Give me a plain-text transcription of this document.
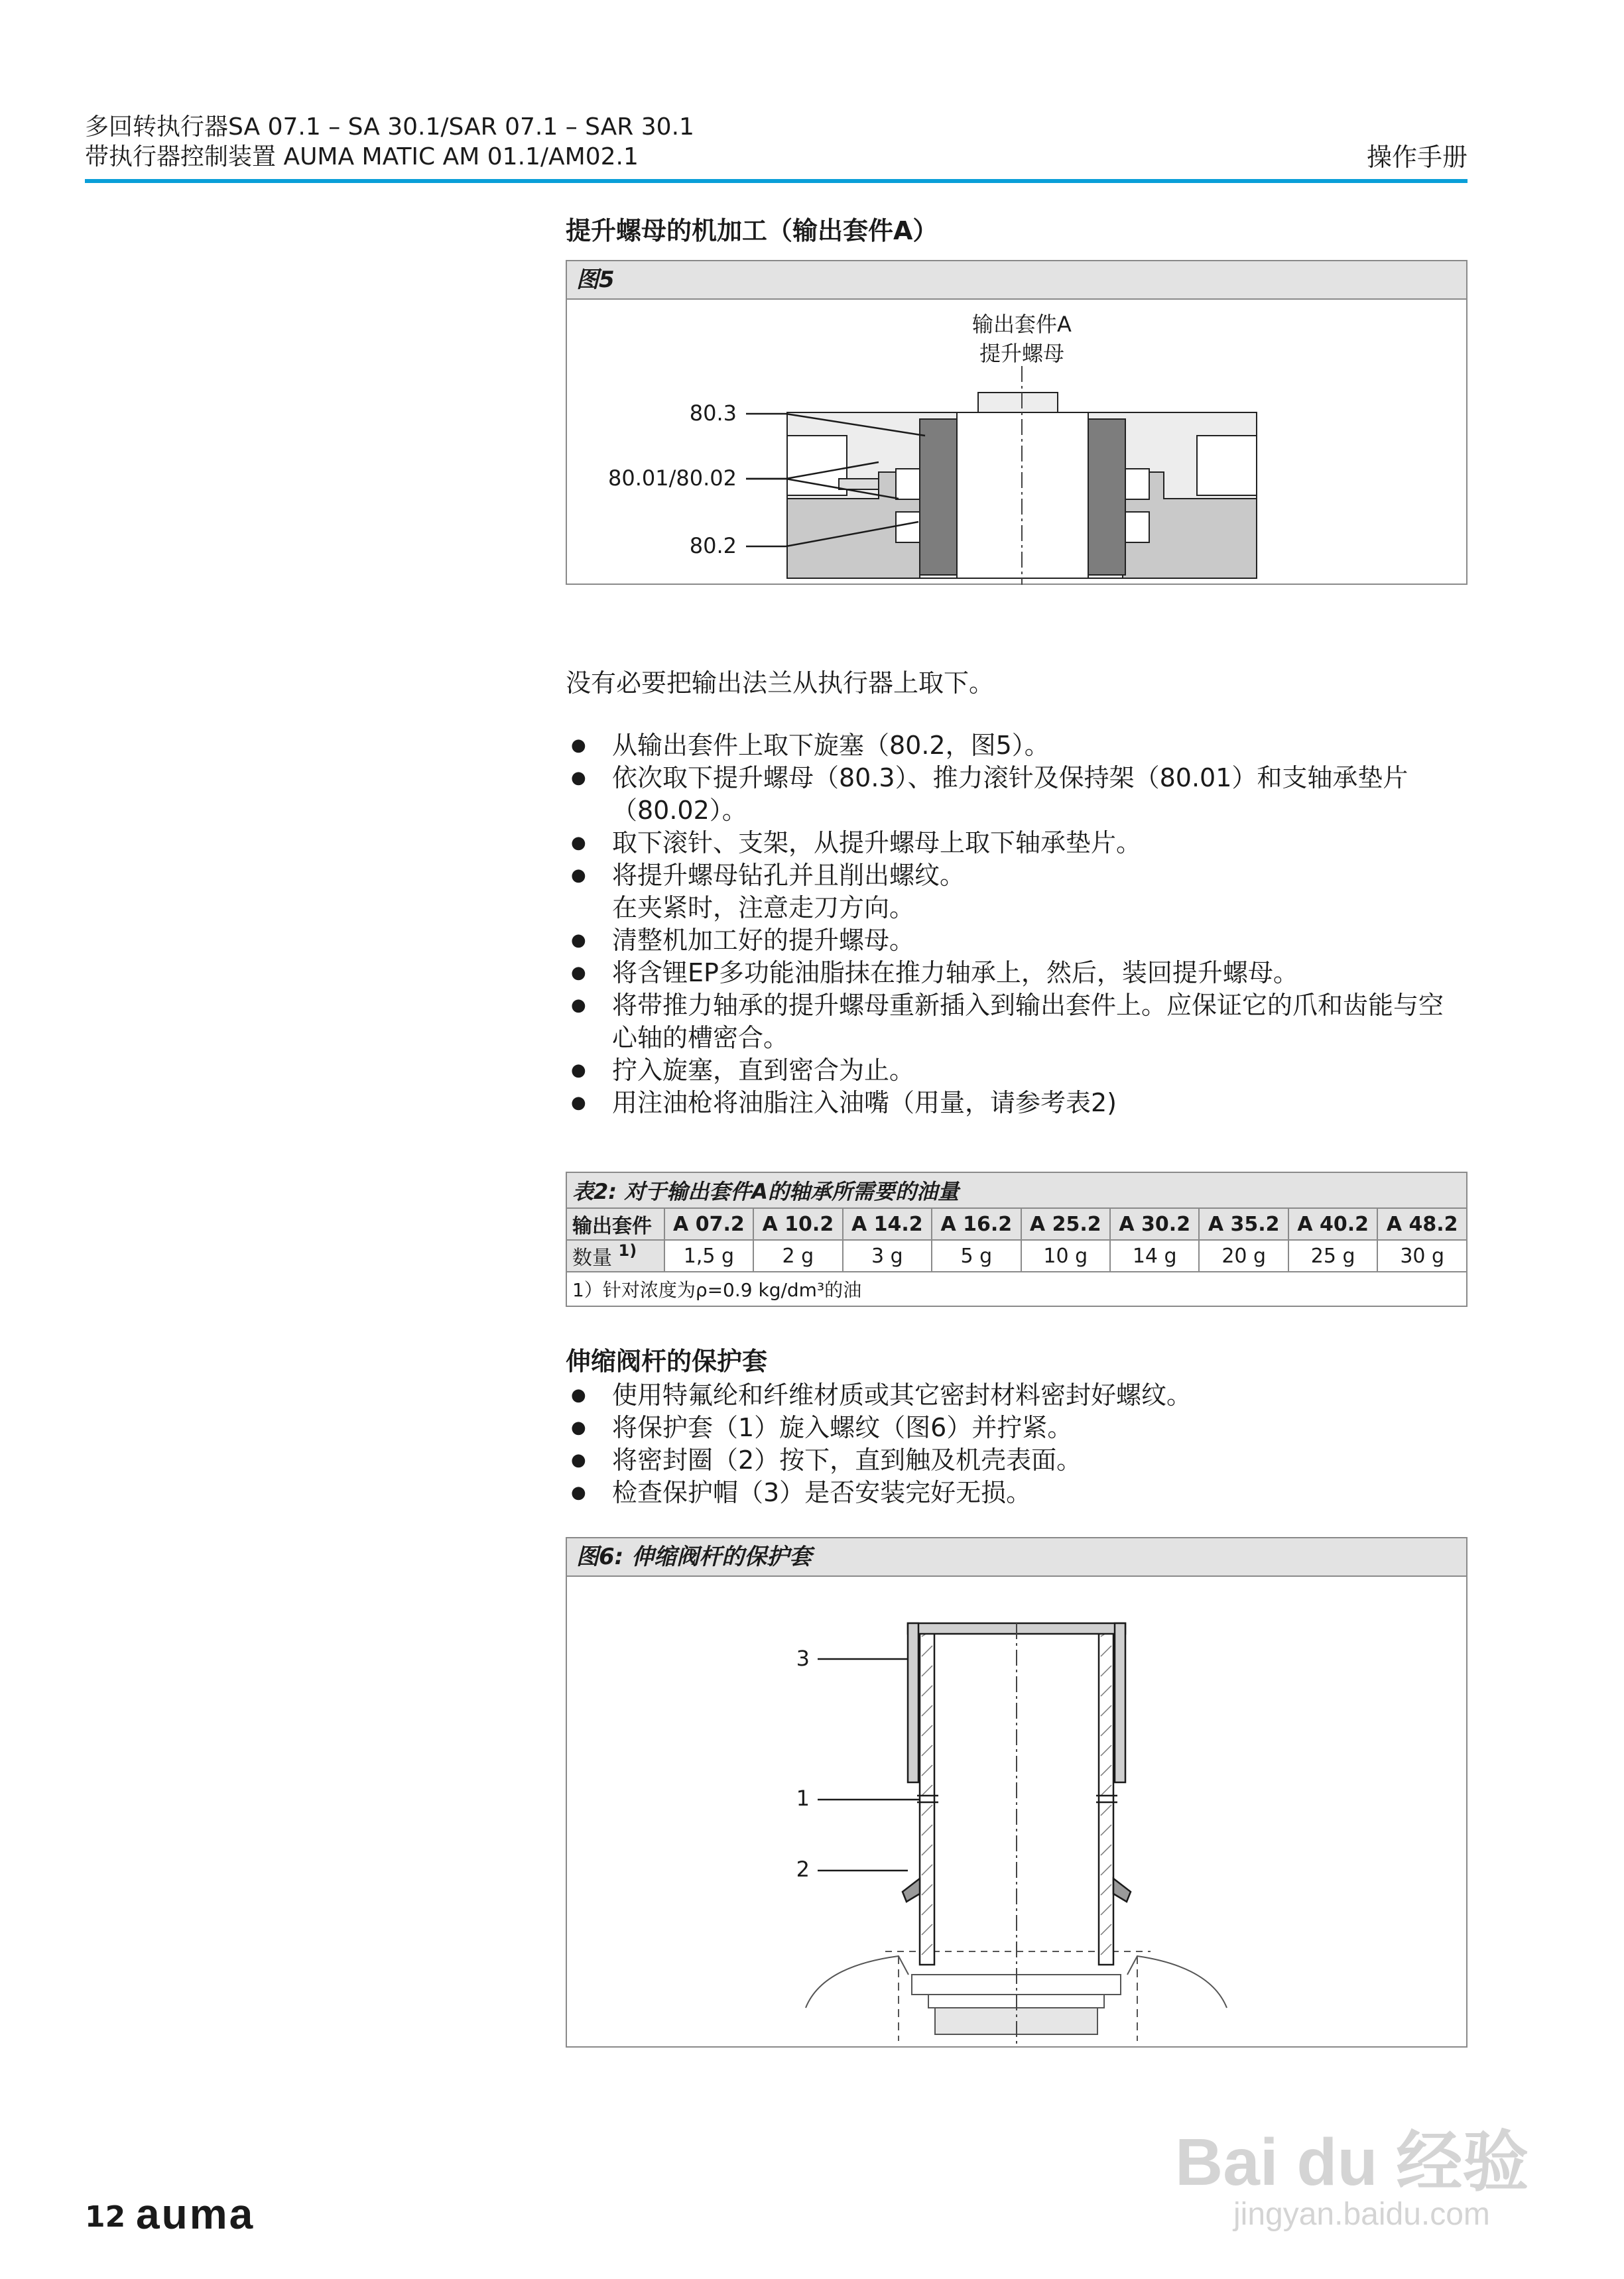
多回转执行器SA 07.1 – SA 30.1/SAR 07.1 – SAR 30.1
带执行器控制装置 AUMA MATIC AM 01.1/AM02.1	操作手册
提升螺母的机加工（输出套件A）
图5
输出套件A
提升螺母
80.3
80.01/80.02
80.2
没有必要把输出法兰从执行器上取下。
● 从输出套件上取下旋塞（80.2，图5）。
● 依次取下提升螺母（80.3）、推力滚针及保持架（80.01）和支轴承垫片（80.02）。
● 取下滚针、支架，从提升螺母上取下轴承垫片。
● 将提升螺母钻孔并且削出螺纹。
在夹紧时，注意走刀方向。
● 清整机加工好的提升螺母。
● 将含锂EP多功能油脂抹在推力轴承上，然后，装回提升螺母。
● 将带推力轴承的提升螺母重新插入到输出套件上。应保证它的爪和齿能与空心轴的槽密合。
● 拧入旋塞，直到密合为止。
● 用注油枪将油脂注入油嘴（用量，请参考表2)
表2: 对于输出套件A的轴承所需要的油量									
输出套件	A 07.2	A 10.2	A 14.2	A 16.2	A 25.2	A 30.2	A 35.2	A 40.2	A 48.2
数量 $^{1)}$	1,5 g	2 g	3 g	5 g	10 g	14 g	20 g	25 g	30 g
1）针对浓度为ρ=0.9 kg/dm³的油									
伸缩阀杆的保护套
● 使用特氟纶和纤维材质或其它密封材料密封好螺纹。
● 将保护套（1）旋入螺纹（图6）并拧紧。
● 将密封圈（2）按下，直到触及机壳表面。
● 检查保护帽（3）是否安装完好无损。
图6: 伸缩阀杆的保护套
3
1
2
12 auma
Bai du 经验
jingyan.baidu.com
